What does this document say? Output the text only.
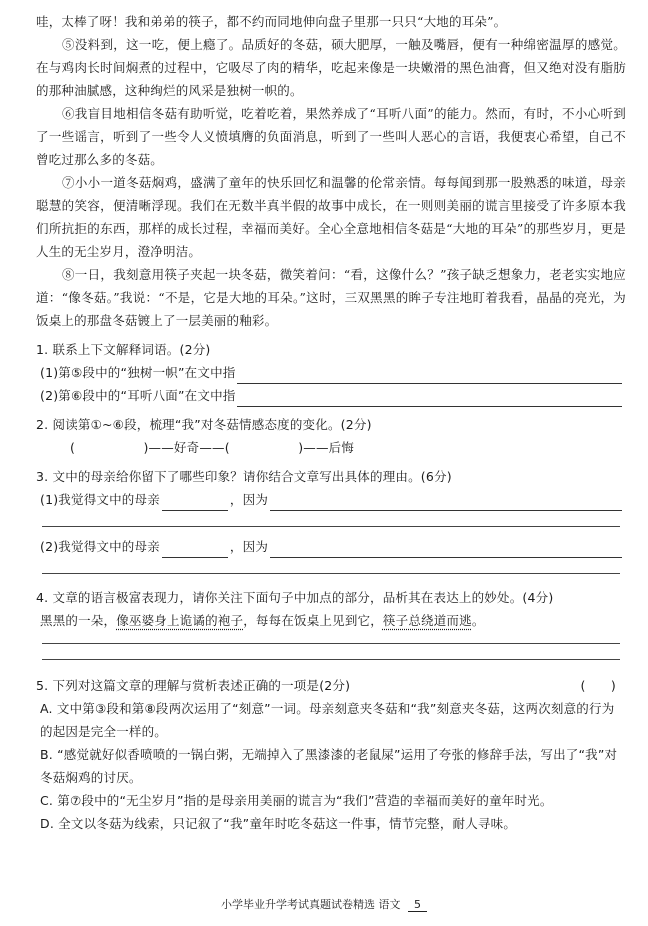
哇，太棒了呀！我和弟弟的筷子，都不约而同地伸向盘子里那一只只“大地的耳朵”。

⑤没料到，这一吃，便上瘾了。品质好的冬菇，硕大肥厚，一触及嘴唇，便有一种绵密温厚的感觉。在与鸡肉长时间焖煮的过程中，它吸尽了肉的精华，吃起来像是一块嫩滑的黑色油膏，但又绝对没有脂肪的那种油腻感，这种绚烂的风采是独树一帜的。

⑥我盲目地相信冬菇有助听觉，吃着吃着，果然养成了“耳听八面”的能力。然而，有时，不小心听到了一些谣言，听到了一些令人义愤填膺的负面消息，听到了一些叫人恶心的言语，我便衷心希望，自己不曾吃过那么多的冬菇。

⑦小小一道冬菇焖鸡，盛满了童年的快乐回忆和温馨的伦常亲情。每每闻到那一股熟悉的味道，母亲聪慧的笑容，便清晰浮现。我们在无数半真半假的故事中成长，在一则则美丽的谎言里接受了许多原本我们所抗拒的东西，那样的成长过程，幸福而美好。全心全意地相信冬菇是“大地的耳朵”的那些岁月，更是人生的无尘岁月，澄净明洁。

⑧一日，我刻意用筷子夹起一块冬菇，微笑着问：“看，这像什么？”孩子缺乏想象力，老老实实地应道：“像冬菇。”我说：“不是，它是大地的耳朵。”这时，三双黑黑的眸子专注地盯着我看，晶晶的亮光，为饭桌上的那盘冬菇镀上了一层美丽的釉彩。

1. 联系上下文解释词语。(2分)
(1)第⑤段中的“独树一帜”在文中指
(2)第⑥段中的“耳听八面”在文中指
2. 阅读第①~⑥段，梳理“我”对冬菇情感态度的变化。(2分)
(	)——好奇——(	)——后悔
3. 文中的母亲给你留下了哪些印象？请你结合文章写出具体的理由。(6分)
(1)我觉得文中的母亲	，因为
(2)我觉得文中的母亲	，因为
4. 文章的语言极富表现力，请你关注下面句子中加点的部分，品析其在表达上的妙处。(4分)
黑黑的一朵，像巫婆身上诡谲的袍子，每每在饭桌上见到它，筷子总绕道而逃。
5. 下列对这篇文章的理解与赏析表述正确的一项是(2分)	(　　)
A. 文中第③段和第⑧段两次运用了“刻意”一词。母亲刻意夹冬菇和“我”刻意夹冬菇，这两次刻意的行为的起因是完全一样的。
B. “感觉就好似香喷喷的一锅白粥，无端掉入了黑漆漆的老鼠屎”运用了夸张的修辞手法，写出了“我”对冬菇焖鸡的讨厌。
C. 第⑦段中的“无尘岁月”指的是母亲用美丽的谎言为“我们”营造的幸福而美好的童年时光。
D. 全文以冬菇为线索，只记叙了“我”童年时吃冬菇这一件事，情节完整，耐人寻味。
小学毕业升学考试真题试卷精选 语文 5
